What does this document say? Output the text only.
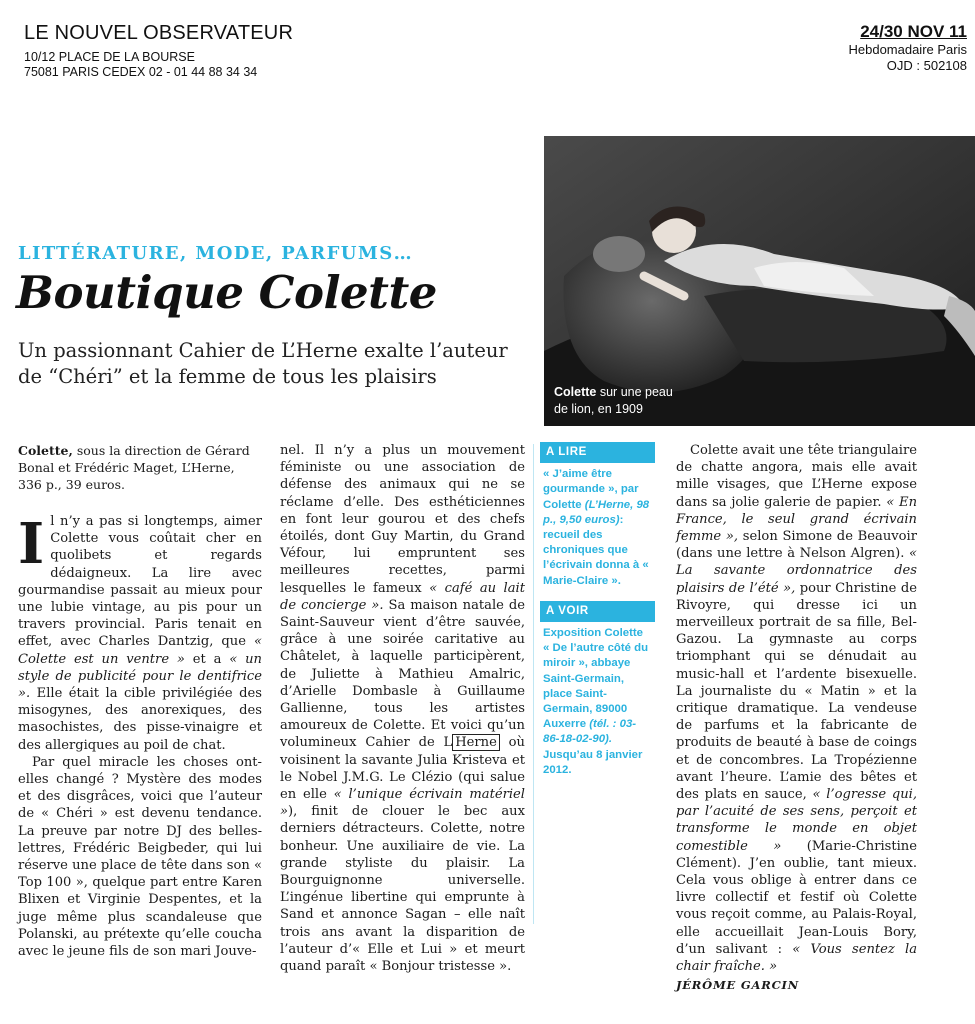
LE NOUVEL OBSERVATEUR
10/12 PLACE DE LA BOURSE
75081 PARIS CEDEX 02 - 01 44 88 34 34
24/30 NOV 11
Hebdomadaire Paris
OJD : 502108
LITTÉRATURE, MODE, PARFUMS…
Boutique Colette
Un passionnant Cahier de L’Herne exalte l’auteur de “Chéri” et la femme de tous les plaisirs
Colette sur une peau de lion, en 1909
Colette, sous la direction de Gérard Bonal et Frédéric Maget, L’Herne, 336 p., 39 euros.

Il n’y a pas si longtemps, aimer Colette vous coûtait cher en quolibets et regards dédaigneux. La lire avec gourmandise passait au mieux pour une lubie vintage, au pis pour un travers provincial. Paris tenait en effet, avec Charles Dantzig, que « Colette est un ventre » et a « un style de publicité pour le dentifrice ». Elle était la cible privilégiée des misogynes, des anorexiques, des masochistes, des pisse-vinaigre et des allergiques au poil de chat.

Par quel miracle les choses ont-elles changé ? Mystère des modes et des disgrâces, voici que l’auteur de « Chéri » est devenu tendance. La preuve par notre DJ des belles-lettres, Frédéric Beigbeder, qui lui réserve une place de tête dans son « Top 100 », quelque part entre Karen Blixen et Virginie Despentes, et la juge même plus scandaleuse que Polanski, au prétexte qu’elle coucha avec le jeune fils de son mari Jouve-

nel. Il n’y a plus un mouvement féministe ou une association de défense des animaux qui ne se réclame d’elle. Des esthéticiennes en font leur gourou et des chefs étoilés, dont Guy Martin, du Grand Véfour, lui empruntent ses meilleures recettes, parmi lesquelles le fameux « café au lait de concierge ». Sa maison natale de Saint-Sauveur vient d’être sauvée, grâce à une soirée caritative au Châtelet, à laquelle participèrent, de Juliette à Mathieu Amalric, d’Arielle Dombasle à Guillaume Gallienne, tous les artistes amoureux de Colette. Et voici qu’un volumineux Cahier de L Herne où voisinent la savante Julia Kristeva et le Nobel J.M.G. Le Clézio (qui salue en elle « l’unique écrivain matériel »), finit de clouer le bec aux derniers détracteurs. Colette, notre bonheur. Une auxiliaire de vie. La grande styliste du plaisir. La Bourguignonne universelle. L’ingénue libertine qui emprunte à Sand et annonce Sagan – elle naît trois ans avant la disparition de l’auteur d’« Elle et Lui » et meurt quand paraît « Bonjour tristesse ».

A LIRE
« J’aime être gourmande », par Colette (L’Herne, 98 p., 9,50 euros): recueil des chroniques que l’écrivain donna à « Marie-Claire ».
A VOIR
Exposition Colette « De l’autre côté du miroir », abbaye Saint-Germain, place Saint-Germain, 89000 Auxerre (tél. : 03-86-18-02-90). Jusqu’au 8 janvier 2012.

Colette avait une tête triangulaire de chatte angora, mais elle avait mille visages, que L’Herne expose dans sa jolie galerie de papier. « En France, le seul grand écrivain femme », selon Simone de Beauvoir (dans une lettre à Nelson Algren). « La savante ordonnatrice des plaisirs de l’été », pour Christine de Rivoyre, qui dresse ici un merveilleux portrait de sa fille, Bel-Gazou. La gymnaste au corps triomphant qui se dénudait au music-hall et l’ardente bisexuelle. La journaliste du « Matin » et la critique dramatique. La vendeuse de parfums et la fabricante de produits de beauté à base de coings et de concombres. La Tropézienne avant l’heure. L’amie des bêtes et des plats en sauce, « l’ogresse qui, par l’acuité de ses sens, perçoit et transforme le monde en objet comestible » (Marie-Christine Clément). J’en oublie, tant mieux. Cela vous oblige à entrer dans ce livre collectif et festif où Colette vous reçoit comme, au Palais-Royal, elle accueillait Jean-Louis Bory, d’un salivant : « Vous sentez la chair fraîche. »

JÉRÔME GARCIN
